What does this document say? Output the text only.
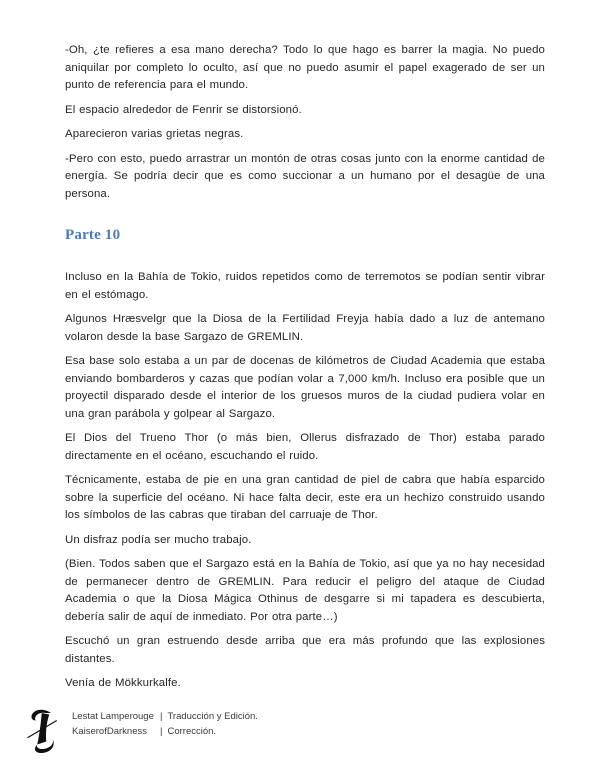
-Oh, ¿te refieres a esa mano derecha? Todo lo que hago es barrer la magia. No puedo aniquilar por completo lo oculto, así que no puedo asumir el papel exagerado de ser un punto de referencia para el mundo.

El espacio alrededor de Fenrir se distorsionó.

Aparecieron varias grietas negras.

-Pero con esto, puedo arrastrar un montón de otras cosas junto con la enorme cantidad de energía. Se podría decir que es como succionar a un humano por el desagüe de una persona.

Parte 10

Incluso en la Bahía de Tokio, ruidos repetidos como de terremotos se podían sentir vibrar en el estómago.

Algunos Hræsvelgr que la Diosa de la Fertilidad Freyja había dado a luz de antemano volaron desde la base Sargazo de GREMLIN.

Esa base solo estaba a un par de docenas de kilómetros de Ciudad Academia que estaba enviando bombarderos y cazas que podían volar a 7,000 km/h. Incluso era posible que un proyectil disparado desde el interior de los gruesos muros de la ciudad pudiera volar en una gran parábola y golpear al Sargazo.

El Dios del Trueno Thor (o más bien, Ollerus disfrazado de Thor) estaba parado directamente en el océano, escuchando el ruido.

Técnicamente, estaba de pie en una gran cantidad de piel de cabra que había esparcido sobre la superficie del océano. Ni hace falta decir, este era un hechizo construido usando los símbolos de las cabras que tiraban del carruaje de Thor.

Un disfraz podía ser mucho trabajo.

(Bien. Todos saben que el Sargazo está en la Bahía de Tokio, así que ya no hay necesidad de permanecer dentro de GREMLIN. Para reducir el peligro del ataque de Ciudad Academia o que la Diosa Mágica Othinus de desgarre si mi tapadera es descubierta, debería salir de aquí de inmediato. Por otra parte…)

Escuchó un gran estruendo desde arriba que era más profundo que las explosiones distantes.

Venía de Mökkurkalfe.

Lestat Lamperouge | Traducción y Edición.
KaiserofDarkness	| Corrección.
